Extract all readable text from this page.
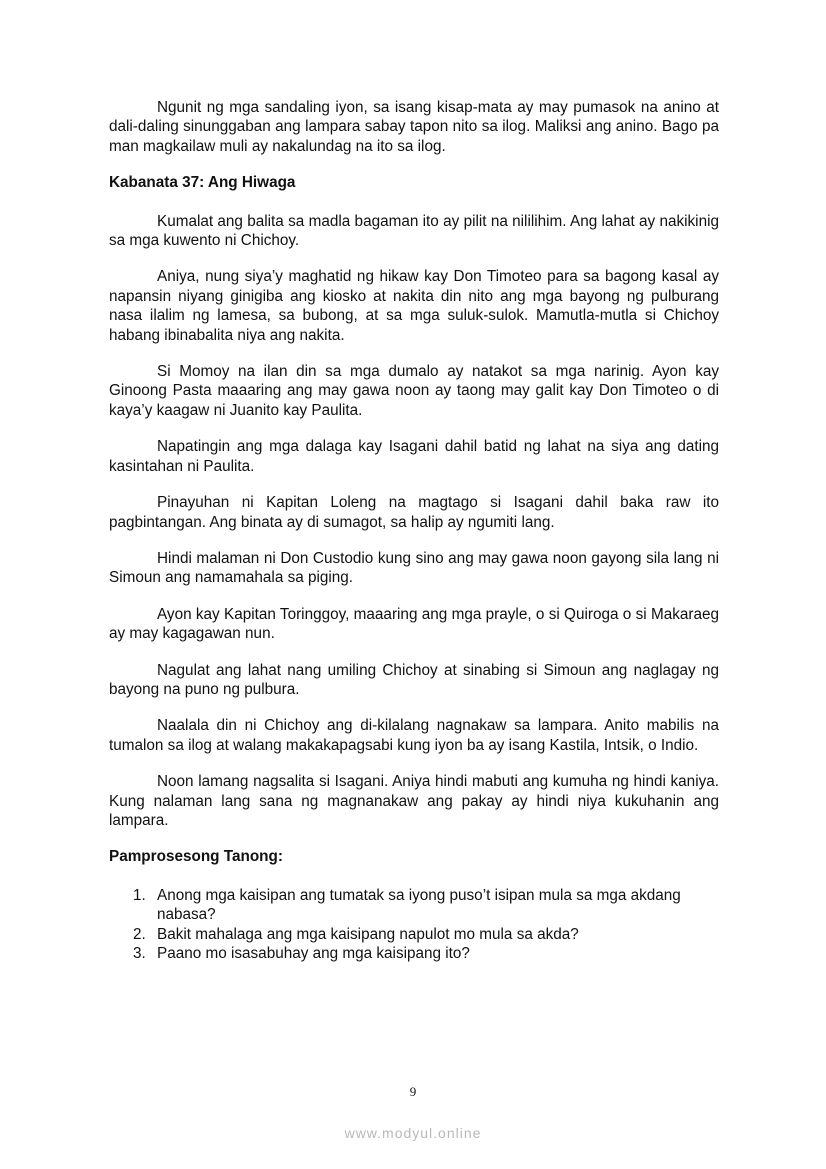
Ngunit ng mga sandaling iyon, sa isang kisap-mata ay may pumasok na anino at dali-daling sinunggaban ang lampara sabay tapon nito sa ilog. Maliksi ang anino. Bago pa man magkailaw muli ay nakalundag na ito sa ilog.

Kabanata 37: Ang Hiwaga

Kumalat ang balita sa madla bagaman ito ay pilit na nililihim. Ang lahat ay nakikinig sa mga kuwento ni Chichoy.

Aniya, nung siya’y maghatid ng hikaw kay Don Timoteo para sa bagong kasal ay napansin niyang ginigiba ang kiosko at nakita din nito ang mga bayong ng pulburang nasa ilalim ng lamesa, sa bubong, at sa mga suluk-sulok. Mamutla-mutla si Chichoy habang ibinabalita niya ang nakita.

Si Momoy na ilan din sa mga dumalo ay natakot sa mga narinig. Ayon kay Ginoong Pasta maaaring ang may gawa noon ay taong may galit kay Don Timoteo o di kaya’y kaagaw ni Juanito kay Paulita.

Napatingin ang mga dalaga kay Isagani dahil batid ng lahat na siya ang dating kasintahan ni Paulita.

Pinayuhan ni Kapitan Loleng na magtago si Isagani dahil baka raw ito pagbintangan. Ang binata ay di sumagot, sa halip ay ngumiti lang.

Hindi malaman ni Don Custodio kung sino ang may gawa noon gayong sila lang ni Simoun ang namamahala sa piging.

Ayon kay Kapitan Toringgoy, maaaring ang mga prayle, o si Quiroga o si Makaraeg ay may kagagawan nun.

Nagulat ang lahat nang umiling Chichoy at sinabing si Simoun ang naglagay ng bayong na puno ng pulbura.

Naalala din ni Chichoy ang di-kilalang nagnakaw sa lampara. Anito mabilis na tumalon sa ilog at walang makakapagsabi kung iyon ba ay isang Kastila, Intsik, o Indio.

Noon lamang nagsalita si Isagani. Aniya hindi mabuti ang kumuha ng hindi kaniya. Kung nalaman lang sana ng magnanakaw ang pakay ay hindi niya kukuhanin ang lampara.

Pamprosesong Tanong:
1. Anong mga kaisipan ang tumatak sa iyong puso’t isipan mula sa mga akdang nabasa?
2. Bakit mahalaga ang mga kaisipang napulot mo mula sa akda?
3. Paano mo isasabuhay ang mga kaisipang ito?
9
www.modyul.online
